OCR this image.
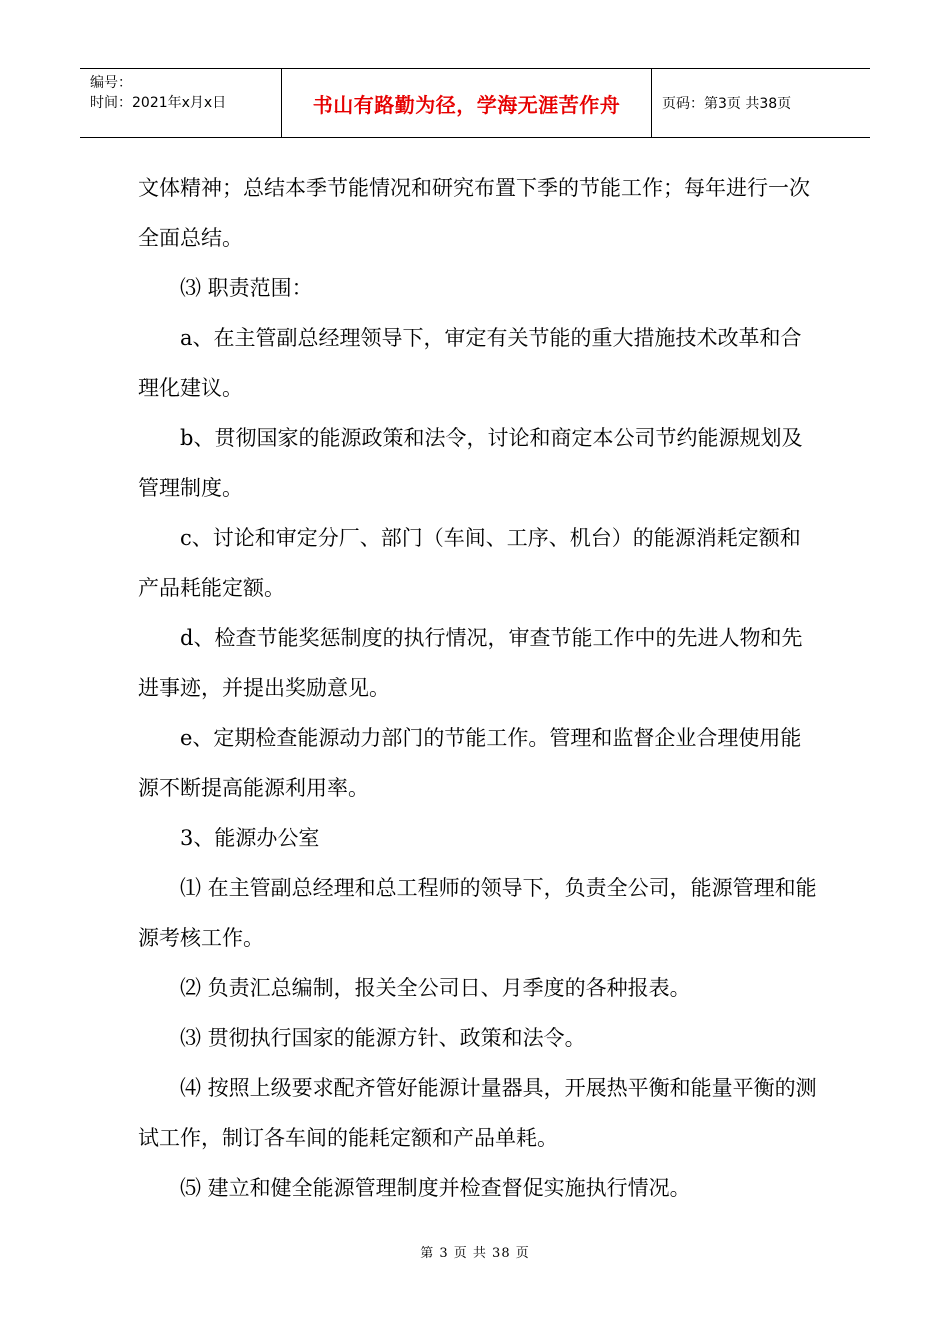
编号：
时间：2021年x月x日	书山有路勤为径，学海无涯苦作舟	页码：第3页 共38页

文体精神；总结本季节能情况和研究布置下季的节能工作；每年进行一次全面总结。

⑶ 职责范围：

a、在主管副总经理领导下，审定有关节能的重大措施技术改革和合理化建议。

b、贯彻国家的能源政策和法令，讨论和商定本公司节约能源规划及管理制度。

c、讨论和审定分厂、部门（车间、工序、机台）的能源消耗定额和产品耗能定额。

d、检查节能奖惩制度的执行情况，审查节能工作中的先进人物和先进事迹，并提出奖励意见。

e、定期检查能源动力部门的节能工作。管理和监督企业合理使用能源不断提高能源利用率。

3、能源办公室

⑴ 在主管副总经理和总工程师的领导下，负责全公司，能源管理和能源考核工作。

⑵ 负责汇总编制，报关全公司日、月季度的各种报表。

⑶ 贯彻执行国家的能源方针、政策和法令。

⑷ 按照上级要求配齐管好能源计量器具，开展热平衡和能量平衡的测试工作，制订各车间的能耗定额和产品单耗。

⑸ 建立和健全能源管理制度并检查督促实施执行情况。

第 3 页 共 38 页
